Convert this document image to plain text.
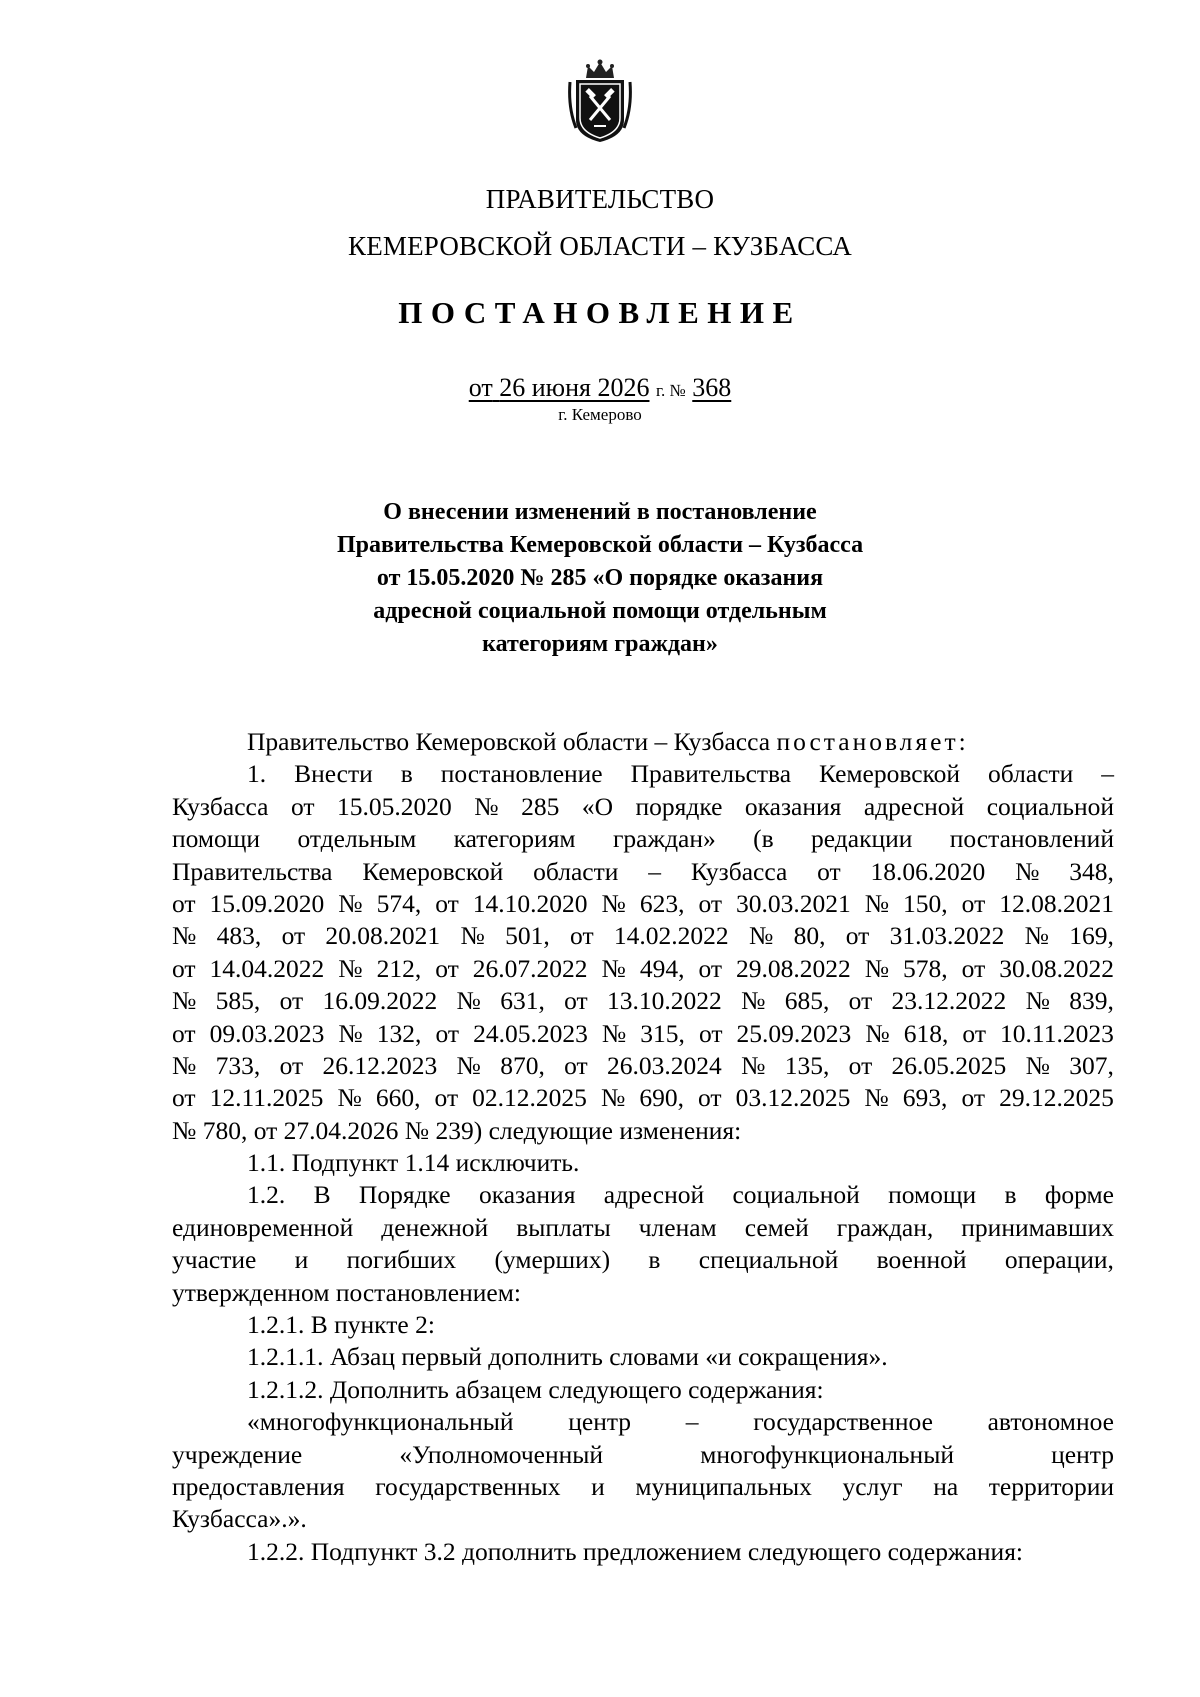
ПРАВИТЕЛЬСТВО
КЕМЕРОВСКОЙ ОБЛАСТИ – КУЗБАССА
ПОСТАНОВЛЕНИЕ
от 26 июня 2026 г. № 368
г. Кемерово
О внесении изменений в постановление
Правительства Кемеровской области – Кузбасса
от 15.05.2020 № 285 «О порядке оказания
адресной социальной помощи отдельным
категориям граждан»
Правительство Кемеровской области – Кузбасса постановляет:
1. Внести в постановление Правительства Кемеровской области –
Кузбасса от 15.05.2020 № 285 «О порядке оказания адресной социальной
помощи отдельным категориям граждан» (в редакции постановлений
Правительства Кемеровской области – Кузбасса от 18.06.2020 № 348,
от 15.09.2020 № 574, от 14.10.2020 № 623, от 30.03.2021 № 150, от 12.08.2021
№ 483, от 20.08.2021 № 501, от 14.02.2022 № 80, от 31.03.2022 № 169,
от 14.04.2022 № 212, от 26.07.2022 № 494, от 29.08.2022 № 578, от 30.08.2022
№ 585, от 16.09.2022 № 631, от 13.10.2022 № 685, от 23.12.2022 № 839,
от 09.03.2023 № 132, от 24.05.2023 № 315, от 25.09.2023 № 618, от 10.11.2023
№ 733, от 26.12.2023 № 870, от 26.03.2024 № 135, от 26.05.2025 № 307,
от 12.11.2025 № 660, от 02.12.2025 № 690, от 03.12.2025 № 693, от 29.12.2025
№ 780, от 27.04.2026 № 239) следующие изменения:
1.1. Подпункт 1.14 исключить.
1.2. В Порядке оказания адресной социальной помощи в форме
единовременной денежной выплаты членам семей граждан, принимавших
участие и погибших (умерших) в специальной военной операции,
утвержденном постановлением:
1.2.1. В пункте 2:
1.2.1.1. Абзац первый дополнить словами «и сокращения».
1.2.1.2. Дополнить абзацем следующего содержания:
«многофункциональный центр – государственное автономное
учреждение	«Уполномоченный	многофункциональный	центр
предоставления государственных и муниципальных услуг на территории
Кузбасса».».
1.2.2. Подпункт 3.2 дополнить предложением следующего содержания:
